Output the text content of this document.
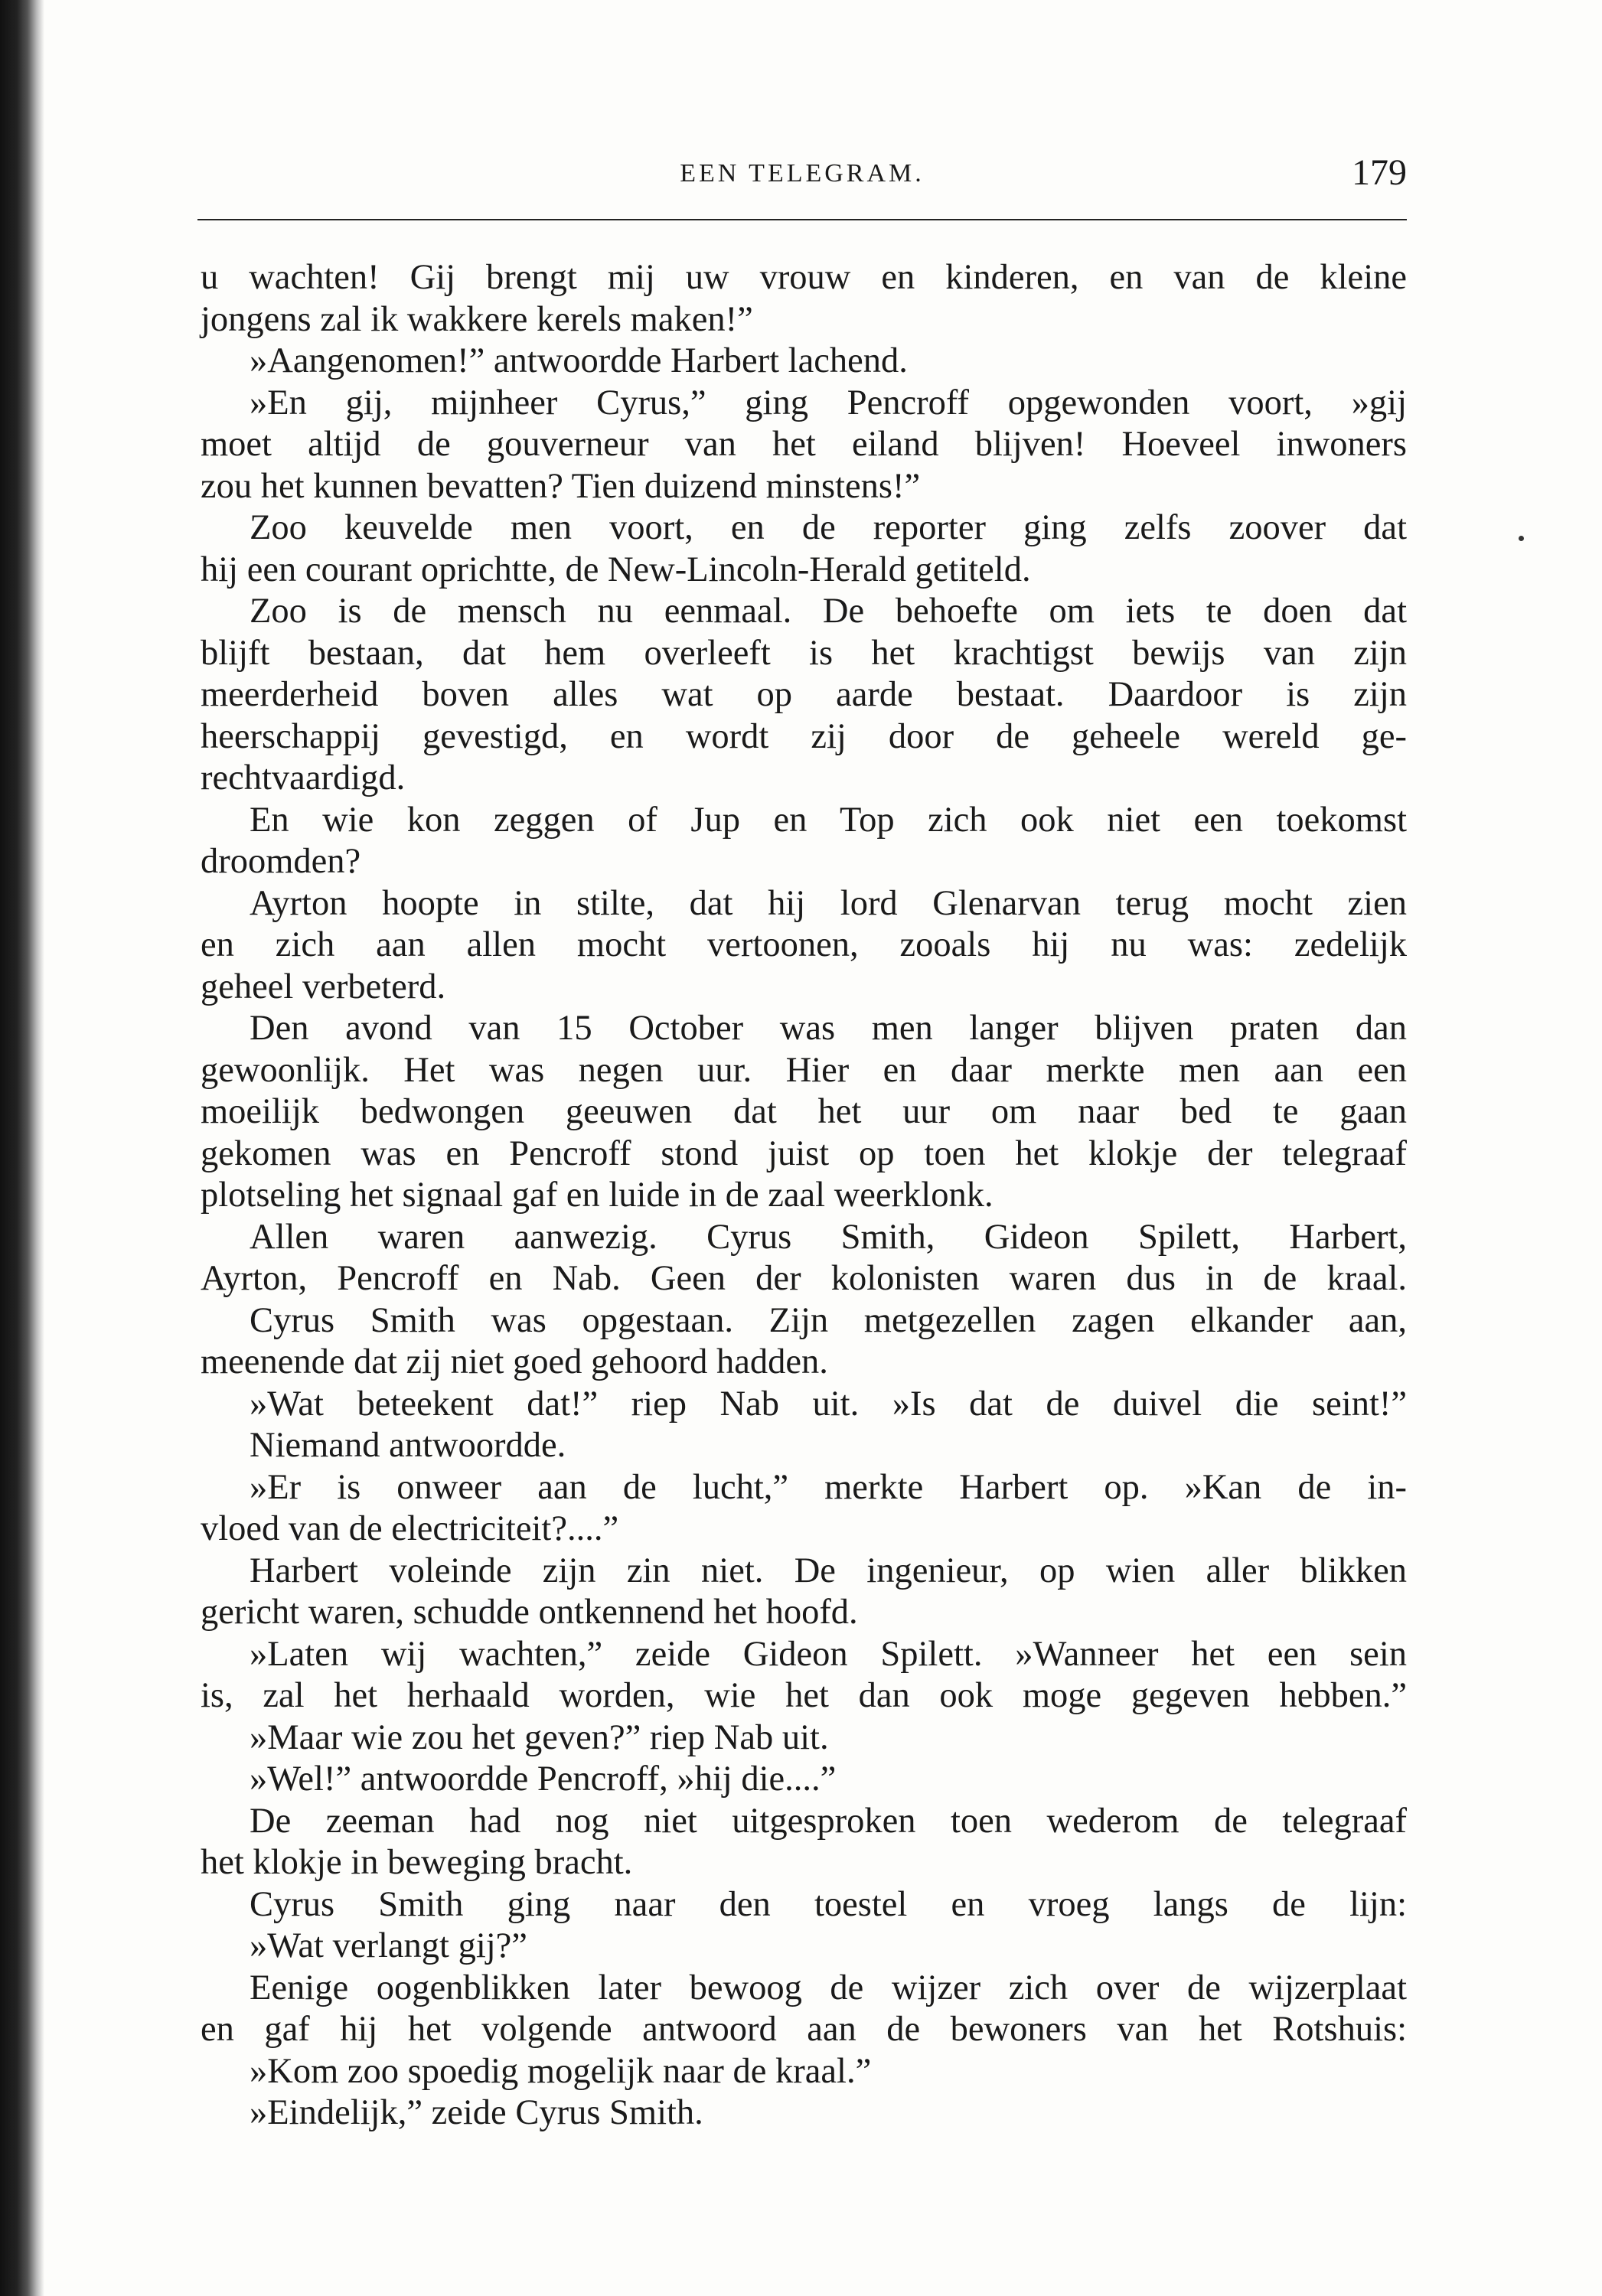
EEN TELEGRAM.	179
u wachten! Gij brengt mij uw vrouw en kinderen, en van de kleine
jongens zal ik wakkere kerels maken!”
»Aangenomen!” antwoordde Harbert lachend.
»En gij, mijnheer Cyrus,” ging Pencroff opgewonden voort, »gij
moet altijd de gouverneur van het eiland blijven! Hoeveel inwoners
zou het kunnen bevatten? Tien duizend minstens!”
Zoo keuvelde men voort, en de reporter ging zelfs zoover dat
hij een courant oprichtte, de New-Lincoln-Herald getiteld.
Zoo is de mensch nu eenmaal. De behoefte om iets te doen dat
blijft bestaan, dat hem overleeft is het krachtigst bewijs van zijn
meerderheid boven alles wat op aarde bestaat. Daardoor is zijn
heerschappij gevestigd, en wordt zij door de geheele wereld ge-
rechtvaardigd.
En wie kon zeggen of Jup en Top zich ook niet een toekomst
droomden?
Ayrton hoopte in stilte, dat hij lord Glenarvan terug mocht zien
en zich aan allen mocht vertoonen, zooals hij nu was: zedelijk
geheel verbeterd.
Den avond van 15 October was men langer blijven praten dan
gewoonlijk. Het was negen uur. Hier en daar merkte men aan een
moeilijk bedwongen geeuwen dat het uur om naar bed te gaan
gekomen was en Pencroff stond juist op toen het klokje der telegraaf
plotseling het signaal gaf en luide in de zaal weerklonk.
Allen waren aanwezig. Cyrus Smith, Gideon Spilett, Harbert,
Ayrton, Pencroff en Nab. Geen der kolonisten waren dus in de kraal.
Cyrus Smith was opgestaan. Zijn metgezellen zagen elkander aan,
meenende dat zij niet goed gehoord hadden.
»Wat beteekent dat!” riep Nab uit. »Is dat de duivel die seint!”
Niemand antwoordde.
»Er is onweer aan de lucht,” merkte Harbert op. »Kan de in-
vloed van de electriciteit?....”
Harbert voleinde zijn zin niet. De ingenieur, op wien aller blikken
gericht waren, schudde ontkennend het hoofd.
»Laten wij wachten,” zeide Gideon Spilett. »Wanneer het een sein
is, zal het herhaald worden, wie het dan ook moge gegeven hebben.”
»Maar wie zou het geven?” riep Nab uit.
»Wel!” antwoordde Pencroff, »hij die....”
De zeeman had nog niet uitgesproken toen wederom de telegraaf
het klokje in beweging bracht.
Cyrus Smith ging naar den toestel en vroeg langs de lijn:
»Wat verlangt gij?”
Eenige oogenblikken later bewoog de wijzer zich over de wijzerplaat
en gaf hij het volgende antwoord aan de bewoners van het Rotshuis:
»Kom zoo spoedig mogelijk naar de kraal.”
»Eindelijk,” zeide Cyrus Smith.
